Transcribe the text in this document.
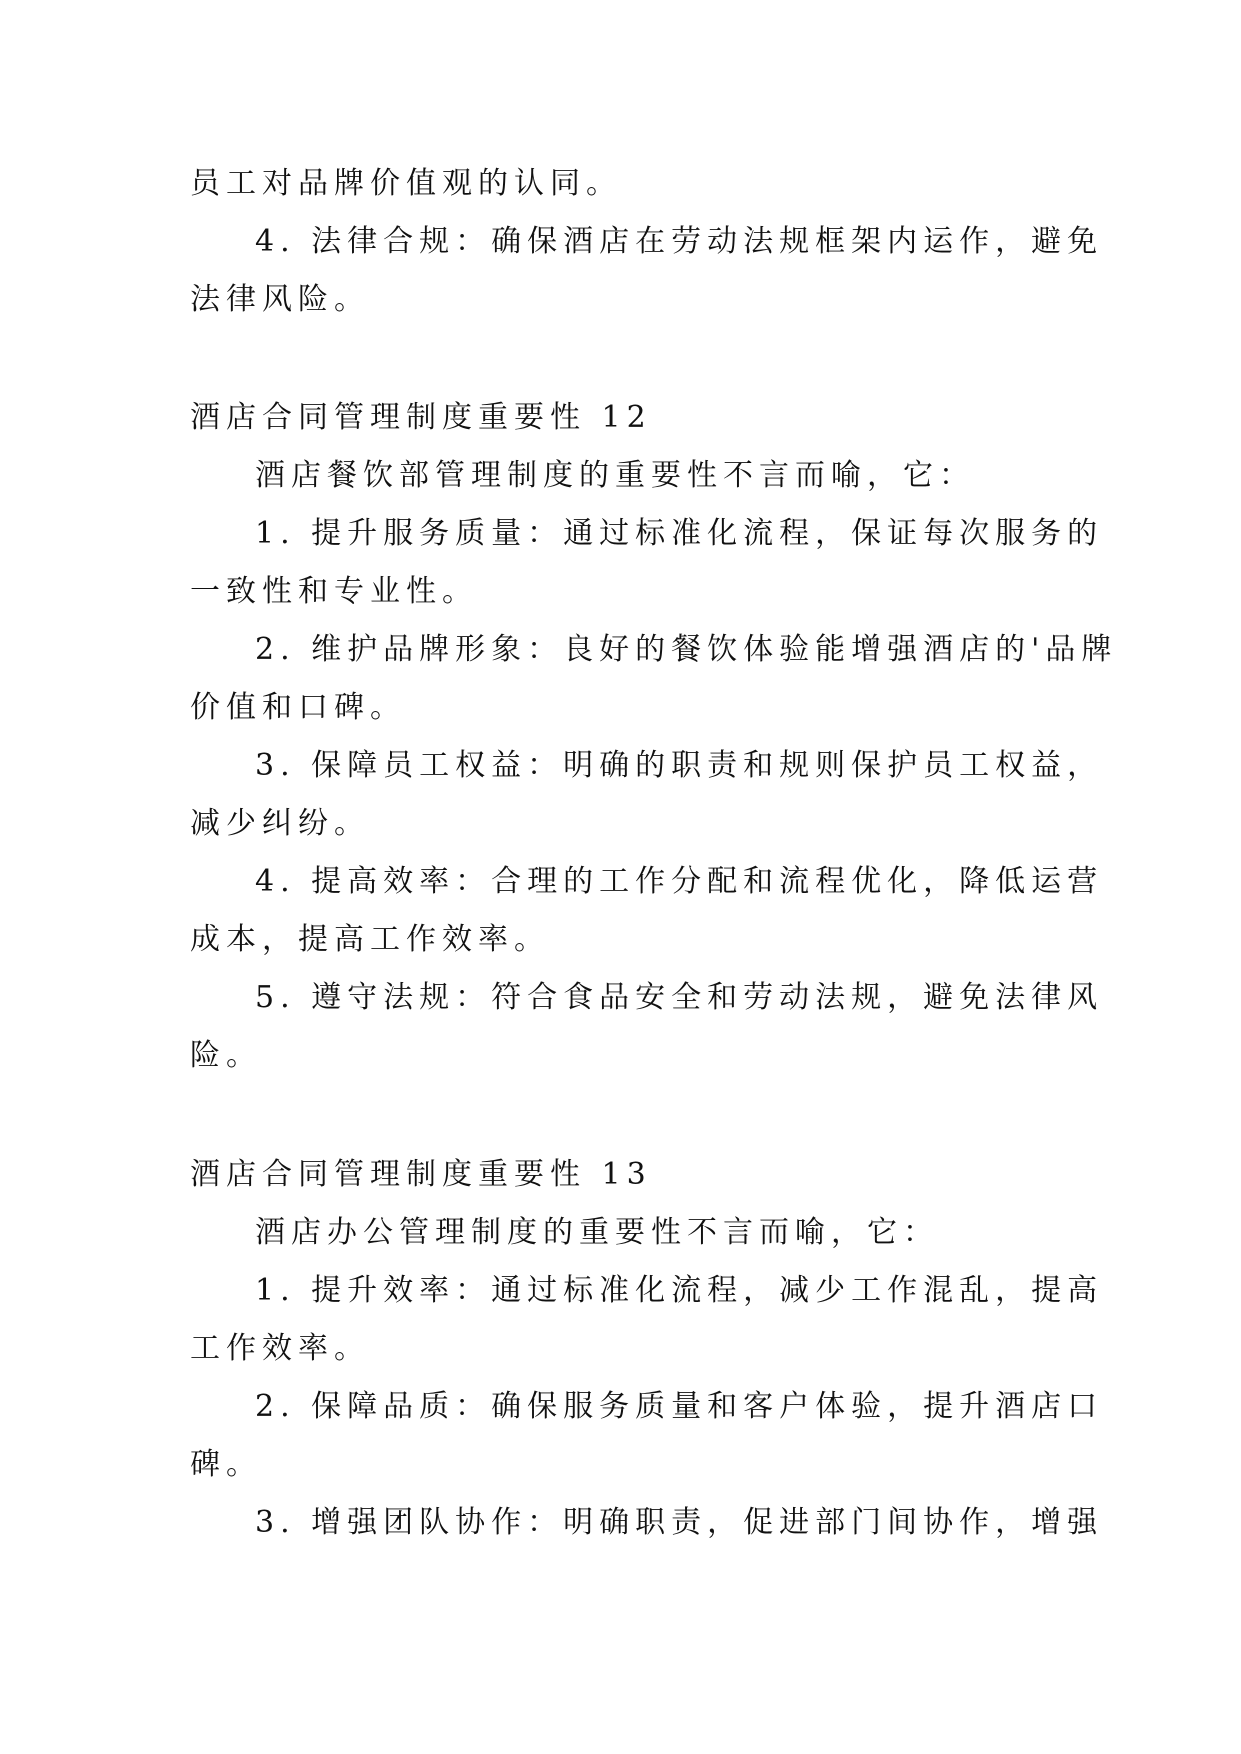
员工对品牌价值观的认同。
4. 法律合规：确保酒店在劳动法规框架内运作，避免
法律风险。
酒店合同管理制度重要性 12
酒店餐饮部管理制度的重要性不言而喻，它：
1. 提升服务质量：通过标准化流程，保证每次服务的
一致性和专业性。
2. 维护品牌形象：良好的餐饮体验能增强酒店的'品牌
价值和口碑。
3. 保障员工权益：明确的职责和规则保护员工权益，
减少纠纷。
4. 提高效率：合理的工作分配和流程优化，降低运营
成本，提高工作效率。
5. 遵守法规：符合食品安全和劳动法规，避免法律风
险。
酒店合同管理制度重要性 13
酒店办公管理制度的重要性不言而喻，它：
1. 提升效率：通过标准化流程，减少工作混乱，提高
工作效率。
2. 保障品质：确保服务质量和客户体验，提升酒店口
碑。
3. 增强团队协作：明确职责，促进部门间协作，增强
